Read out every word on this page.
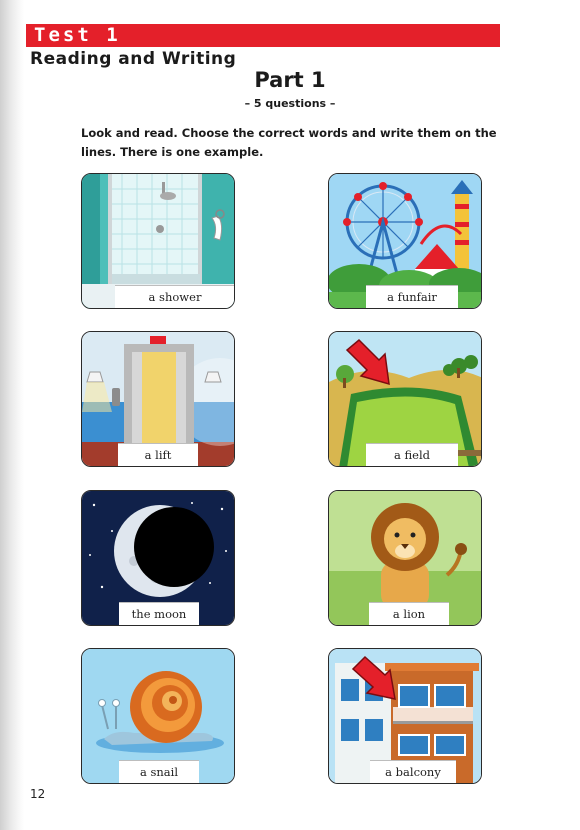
Test 1
Reading and Writing
Part 1
– 5 questions –
Look and read. Choose the correct words and write them on the lines. There is one example.
a shower	a funfair
a lift	a field
the moon	a lion
a snail	a balcony
12
